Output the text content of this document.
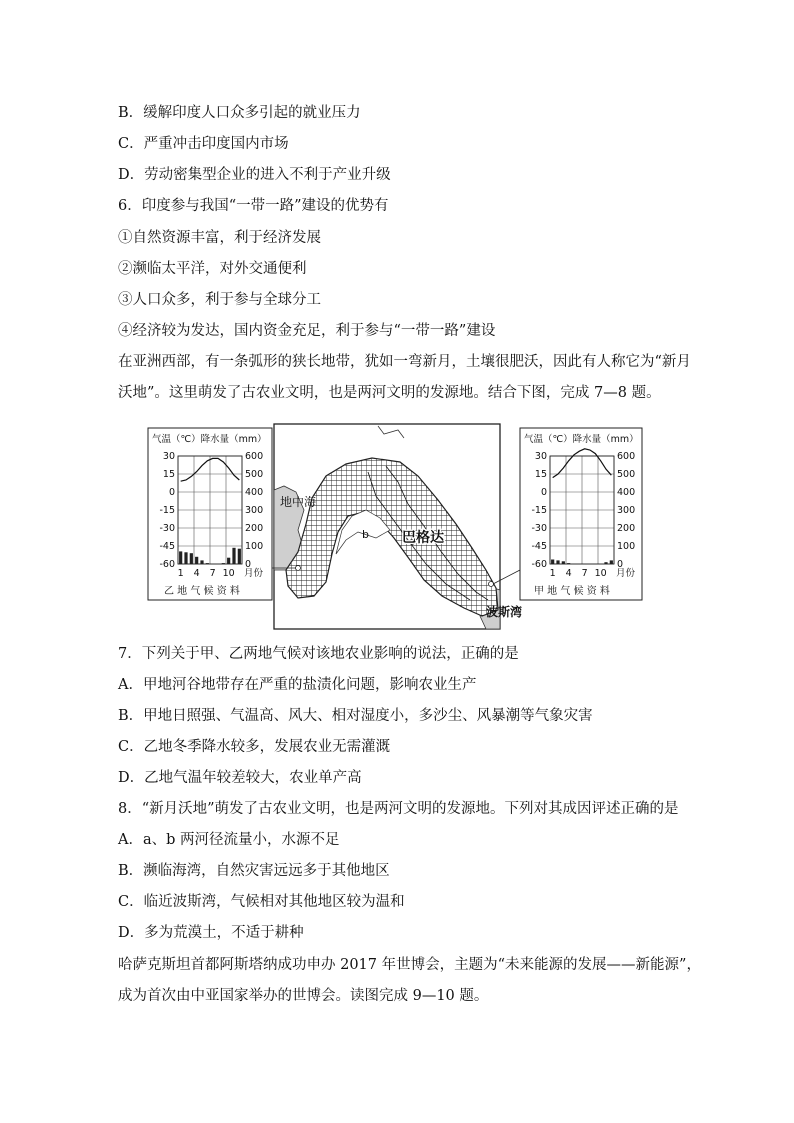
B．缓解印度人口众多引起的就业压力
C．严重冲击印度国内市场
D．劳动密集型企业的进入不利于产业升级
6．印度参与我国“一带一路”建设的优势有
①自然资源丰富，利于经济发展
②濒临太平洋，对外交通便利
③人口众多，利于参与全球分工
④经济较为发达，国内资金充足，利于参与“一带一路”建设
在亚洲西部，有一条弧形的狭长地带，犹如一弯新月，土壤很肥沃，因此有人称它为“新月
沃地”。这里萌发了古农业文明，也是两河文明的发源地。结合下图，完成 7—8 题。
地中海
巴格达
波斯湾
b
气温（℃）降水量（mm）
乙 地 气 候 资 料
30
15
0
-15
-30
-45
-60
600
500
400
300
200
100
0
1 4 7 10 月份
气温（℃）降水量（mm）
甲 地 气 候 资 料
30
15
0
-15
-30
-45
-60
600
500
400
300
200
100
0
1 4 7 10 月份
7．下列关于甲、乙两地气候对该地农业影响的说法，正确的是
A．甲地河谷地带存在严重的盐渍化问题，影响农业生产
B．甲地日照强、气温高、风大、相对湿度小，多沙尘、风暴潮等气象灾害
C．乙地冬季降水较多，发展农业无需灌溉
D．乙地气温年较差较大，农业单产高
8．“新月沃地”萌发了古农业文明，也是两河文明的发源地。下列对其成因评述正确的是
A．a、b 两河径流量小，水源不足
B．濒临海湾，自然灾害远远多于其他地区
C．临近波斯湾，气候相对其他地区较为温和
D．多为荒漠土，不适于耕种
哈萨克斯坦首都阿斯塔纳成功申办 2017 年世博会，主题为“未来能源的发展——新能源”，
成为首次由中亚国家举办的世博会。读图完成 9—10 题。
